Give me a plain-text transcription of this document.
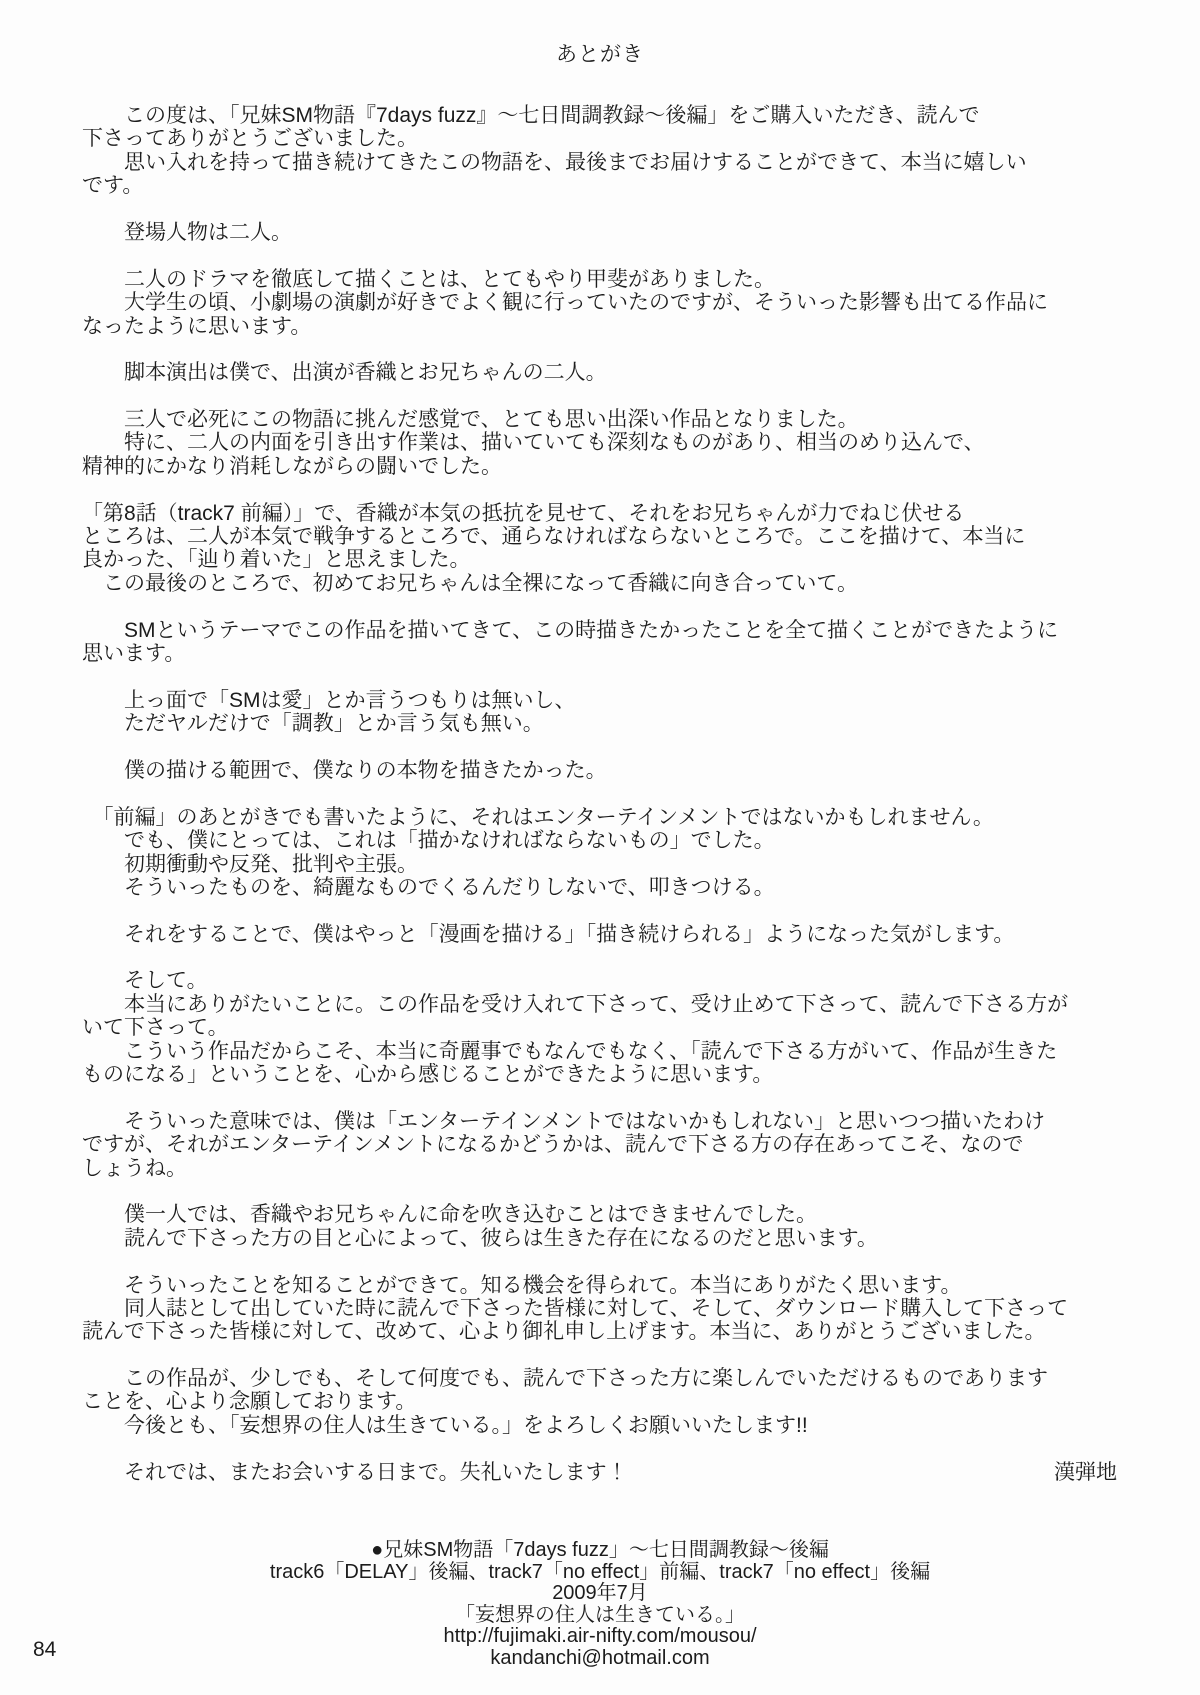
あとがき
　　この度は、「兄妹SM物語『7days fuzz』～七日間調教録～後編」をご購入いただき、読んで
下さってありがとうございました。
　　思い入れを持って描き続けてきたこの物語を、最後までお届けすることができて、本当に嬉しい
です。
　　登場人物は二人。
　　二人のドラマを徹底して描くことは、とてもやり甲斐がありました。
　　大学生の頃、小劇場の演劇が好きでよく観に行っていたのですが、そういった影響も出てる作品に
なったように思います。
　　脚本演出は僕で、出演が香織とお兄ちゃんの二人。
　　三人で必死にこの物語に挑んだ感覚で、とても思い出深い作品となりました。
　　特に、二人の内面を引き出す作業は、描いていても深刻なものがあり、相当のめり込んで、
精神的にかなり消耗しながらの闘いでした。
「第8話（track7 前編）」で、香織が本気の抵抗を見せて、それをお兄ちゃんが力でねじ伏せる
ところは、二人が本気で戦争するところで、通らなければならないところで。ここを描けて、本当に
良かった、「辿り着いた」と思えました。
　この最後のところで、初めてお兄ちゃんは全裸になって香織に向き合っていて。
　　SMというテーマでこの作品を描いてきて、この時描きたかったことを全て描くことができたように
思います。
　　上っ面で「SMは愛」とか言うつもりは無いし、
　　ただヤルだけで「調教」とか言う気も無い。
　　僕の描ける範囲で、僕なりの本物を描きたかった。
　「前編」のあとがきでも書いたように、それはエンターテインメントではないかもしれません。
　　でも、僕にとっては、これは「描かなければならないもの」でした。
　　初期衝動や反発、批判や主張。
　　そういったものを、綺麗なものでくるんだりしないで、叩きつける。
　　それをすることで、僕はやっと「漫画を描ける」「描き続けられる」ようになった気がします。
　　そして。
　　本当にありがたいことに。この作品を受け入れて下さって、受け止めて下さって、読んで下さる方が
いて下さって。
　　こういう作品だからこそ、本当に奇麗事でもなんでもなく、「読んで下さる方がいて、作品が生きた
ものになる」ということを、心から感じることができたように思います。
　　そういった意味では、僕は「エンターテインメントではないかもしれない」と思いつつ描いたわけ
ですが、それがエンターテインメントになるかどうかは、読んで下さる方の存在あってこそ、なので
しょうね。
　　僕一人では、香織やお兄ちゃんに命を吹き込むことはできませんでした。
　　読んで下さった方の目と心によって、彼らは生きた存在になるのだと思います。
　　そういったことを知ることができて。知る機会を得られて。本当にありがたく思います。
　　同人誌として出していた時に読んで下さった皆様に対して、そして、ダウンロード購入して下さって
読んで下さった皆様に対して、改めて、心より御礼申し上げます。本当に、ありがとうございました。
　　この作品が、少しでも、そして何度でも、読んで下さった方に楽しんでいただけるものであります
ことを、心より念願しております。
　　今後とも、「妄想界の住人は生きている。」をよろしくお願いいたします!!
　　それでは、またお会いする日まで。失礼いたします！	漢弾地
84
●兄妹SM物語「7days fuzz」～七日間調教録～後編
track6「DELAY」後編、track7「no effect」前編、track7「no effect」後編
2009年7月
「妄想界の住人は生きている。」
http://fujimaki.air-nifty.com/mousou/
kandanchi@hotmail.com
